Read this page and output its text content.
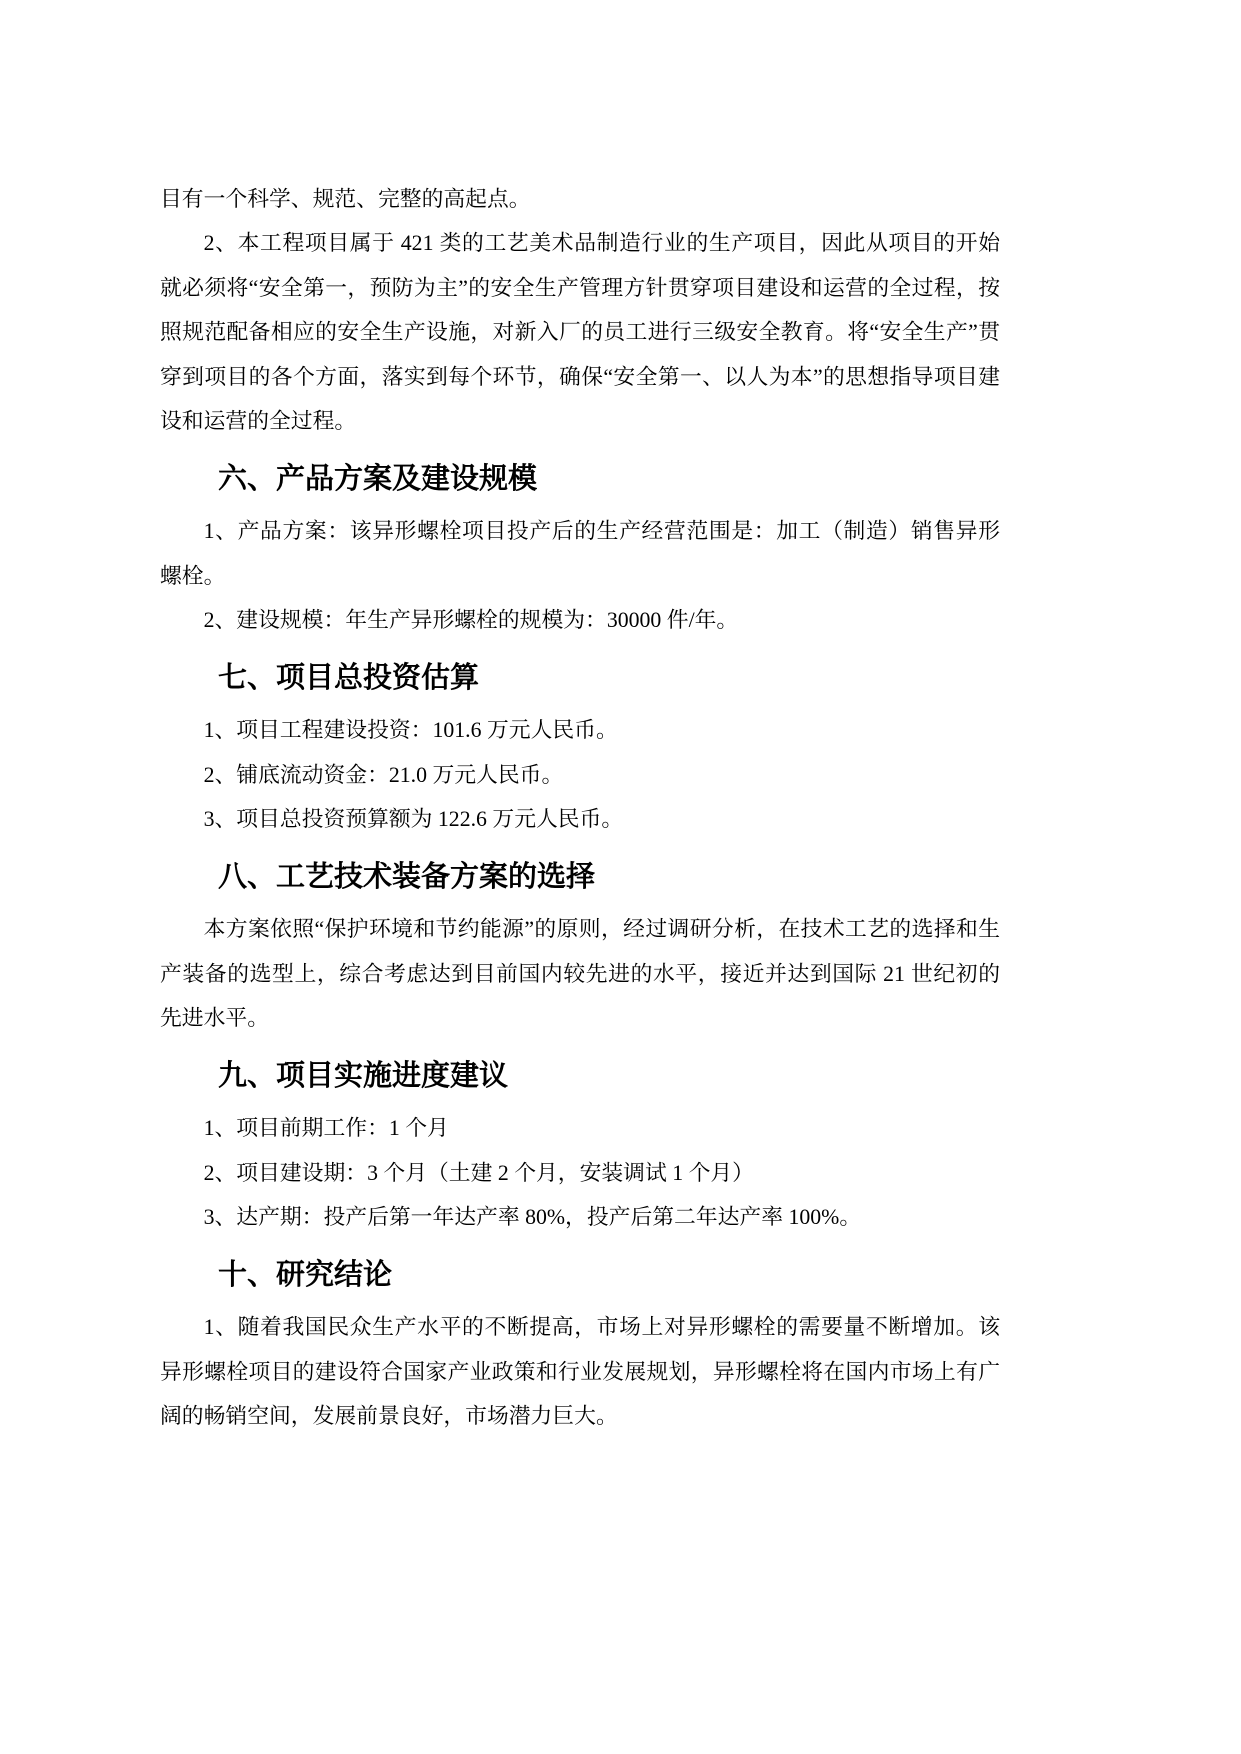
目有一个科学、规范、完整的高起点。
2、本工程项目属于 421 类的工艺美术品制造行业的生产项目，因此从项目的开始
就必须将“安全第一，预防为主”的安全生产管理方针贯穿项目建设和运营的全过程，按
照规范配备相应的安全生产设施，对新入厂的员工进行三级安全教育。将“安全生产”贯
穿到项目的各个方面，落实到每个环节，确保“安全第一、以人为本”的思想指导项目建
设和运营的全过程。
六、产品方案及建设规模
1、产品方案：该异形螺栓项目投产后的生产经营范围是：加工（制造）销售异形
螺栓。
2、建设规模：年生产异形螺栓的规模为：30000 件/年。
七、项目总投资估算
1、项目工程建设投资：101.6 万元人民币。
2、铺底流动资金：21.0 万元人民币。
3、项目总投资预算额为 122.6 万元人民币。
八、工艺技术装备方案的选择
本方案依照“保护环境和节约能源”的原则，经过调研分析，在技术工艺的选择和生
产装备的选型上，综合考虑达到目前国内较先进的水平，接近并达到国际 21 世纪初的
先进水平。
九、项目实施进度建议
1、项目前期工作：1 个月
2、项目建设期：3 个月（土建 2 个月，安装调试 1 个月）
3、达产期：投产后第一年达产率 80%，投产后第二年达产率 100%。
十、研究结论
1、随着我国民众生产水平的不断提高，市场上对异形螺栓的需要量不断增加。该
异形螺栓项目的建设符合国家产业政策和行业发展规划，异形螺栓将在国内市场上有广
阔的畅销空间，发展前景良好，市场潜力巨大。
